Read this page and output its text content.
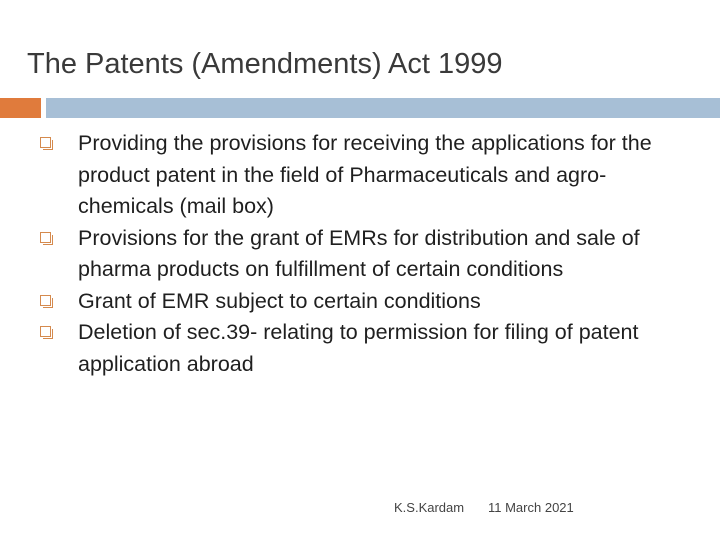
The Patents (Amendments) Act 1999
Providing the provisions for receiving the applications for the product patent in the field of Pharmaceuticals and agro-chemicals (mail box)
Provisions for the grant of EMRs for distribution and sale of pharma products on fulfillment of certain conditions
Grant of EMR subject to certain conditions
Deletion of sec.39- relating to permission for filing of patent application abroad
K.S.Kardam 11 March 2021
